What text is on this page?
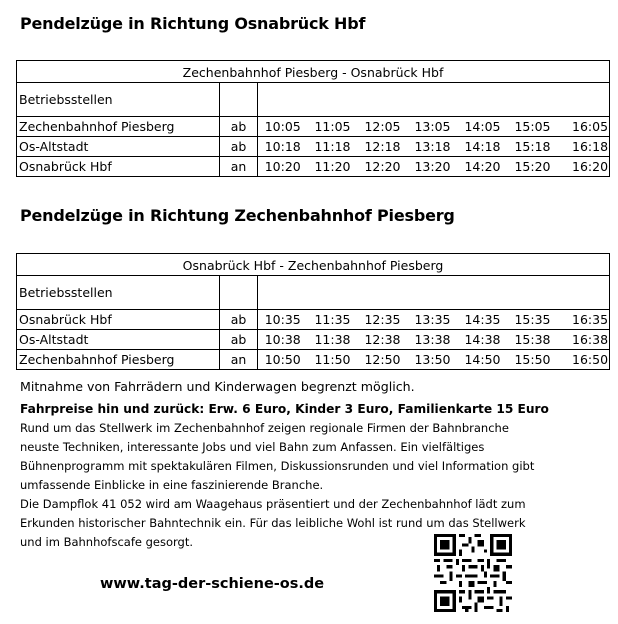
Pendelzüge in Richtung Osnabrück Hbf
Zechenbahnhof Piesberg - Osnabrück Hbf								
Betriebsstellen								
Zechenbahnhof Piesberg	ab	10:05	11:05	12:05	13:05	14:05	15:05	16:05
Os-Altstadt	ab	10:18	11:18	12:18	13:18	14:18	15:18	16:18
Osnabrück Hbf	an	10:20	11:20	12:20	13:20	14:20	15:20	16:20
Pendelzüge in Richtung Zechenbahnhof Piesberg
Osnabrück Hbf - Zechenbahnhof Piesberg								
Betriebsstellen								
Osnabrück Hbf	ab	10:35	11:35	12:35	13:35	14:35	15:35	16:35
Os-Altstadt	ab	10:38	11:38	12:38	13:38	14:38	15:38	16:38
Zechenbahnhof Piesberg	an	10:50	11:50	12:50	13:50	14:50	15:50	16:50
Mitnahme von Fahrrädern und Kinderwagen begrenzt möglich.
Fahrpreise hin und zurück: Erw. 6 Euro, Kinder 3 Euro, Familienkarte 15 Euro
Rund um das Stellwerk im Zechenbahnhof zeigen regionale Firmen der Bahnbranche
neuste Techniken, interessante Jobs und viel Bahn zum Anfassen. Ein vielfältiges
Bühnenprogramm mit spektakulären Filmen, Diskussionsrunden und viel Information gibt
umfassende Einblicke in eine faszinierende Branche.
Die Dampflok 41 052 wird am Waagehaus präsentiert und der Zechenbahnhof lädt zum
Erkunden historischer Bahntechnik ein. Für das leibliche Wohl ist rund um das Stellwerk
und im Bahnhofscafe gesorgt.
www.tag-der-schiene-os.de
